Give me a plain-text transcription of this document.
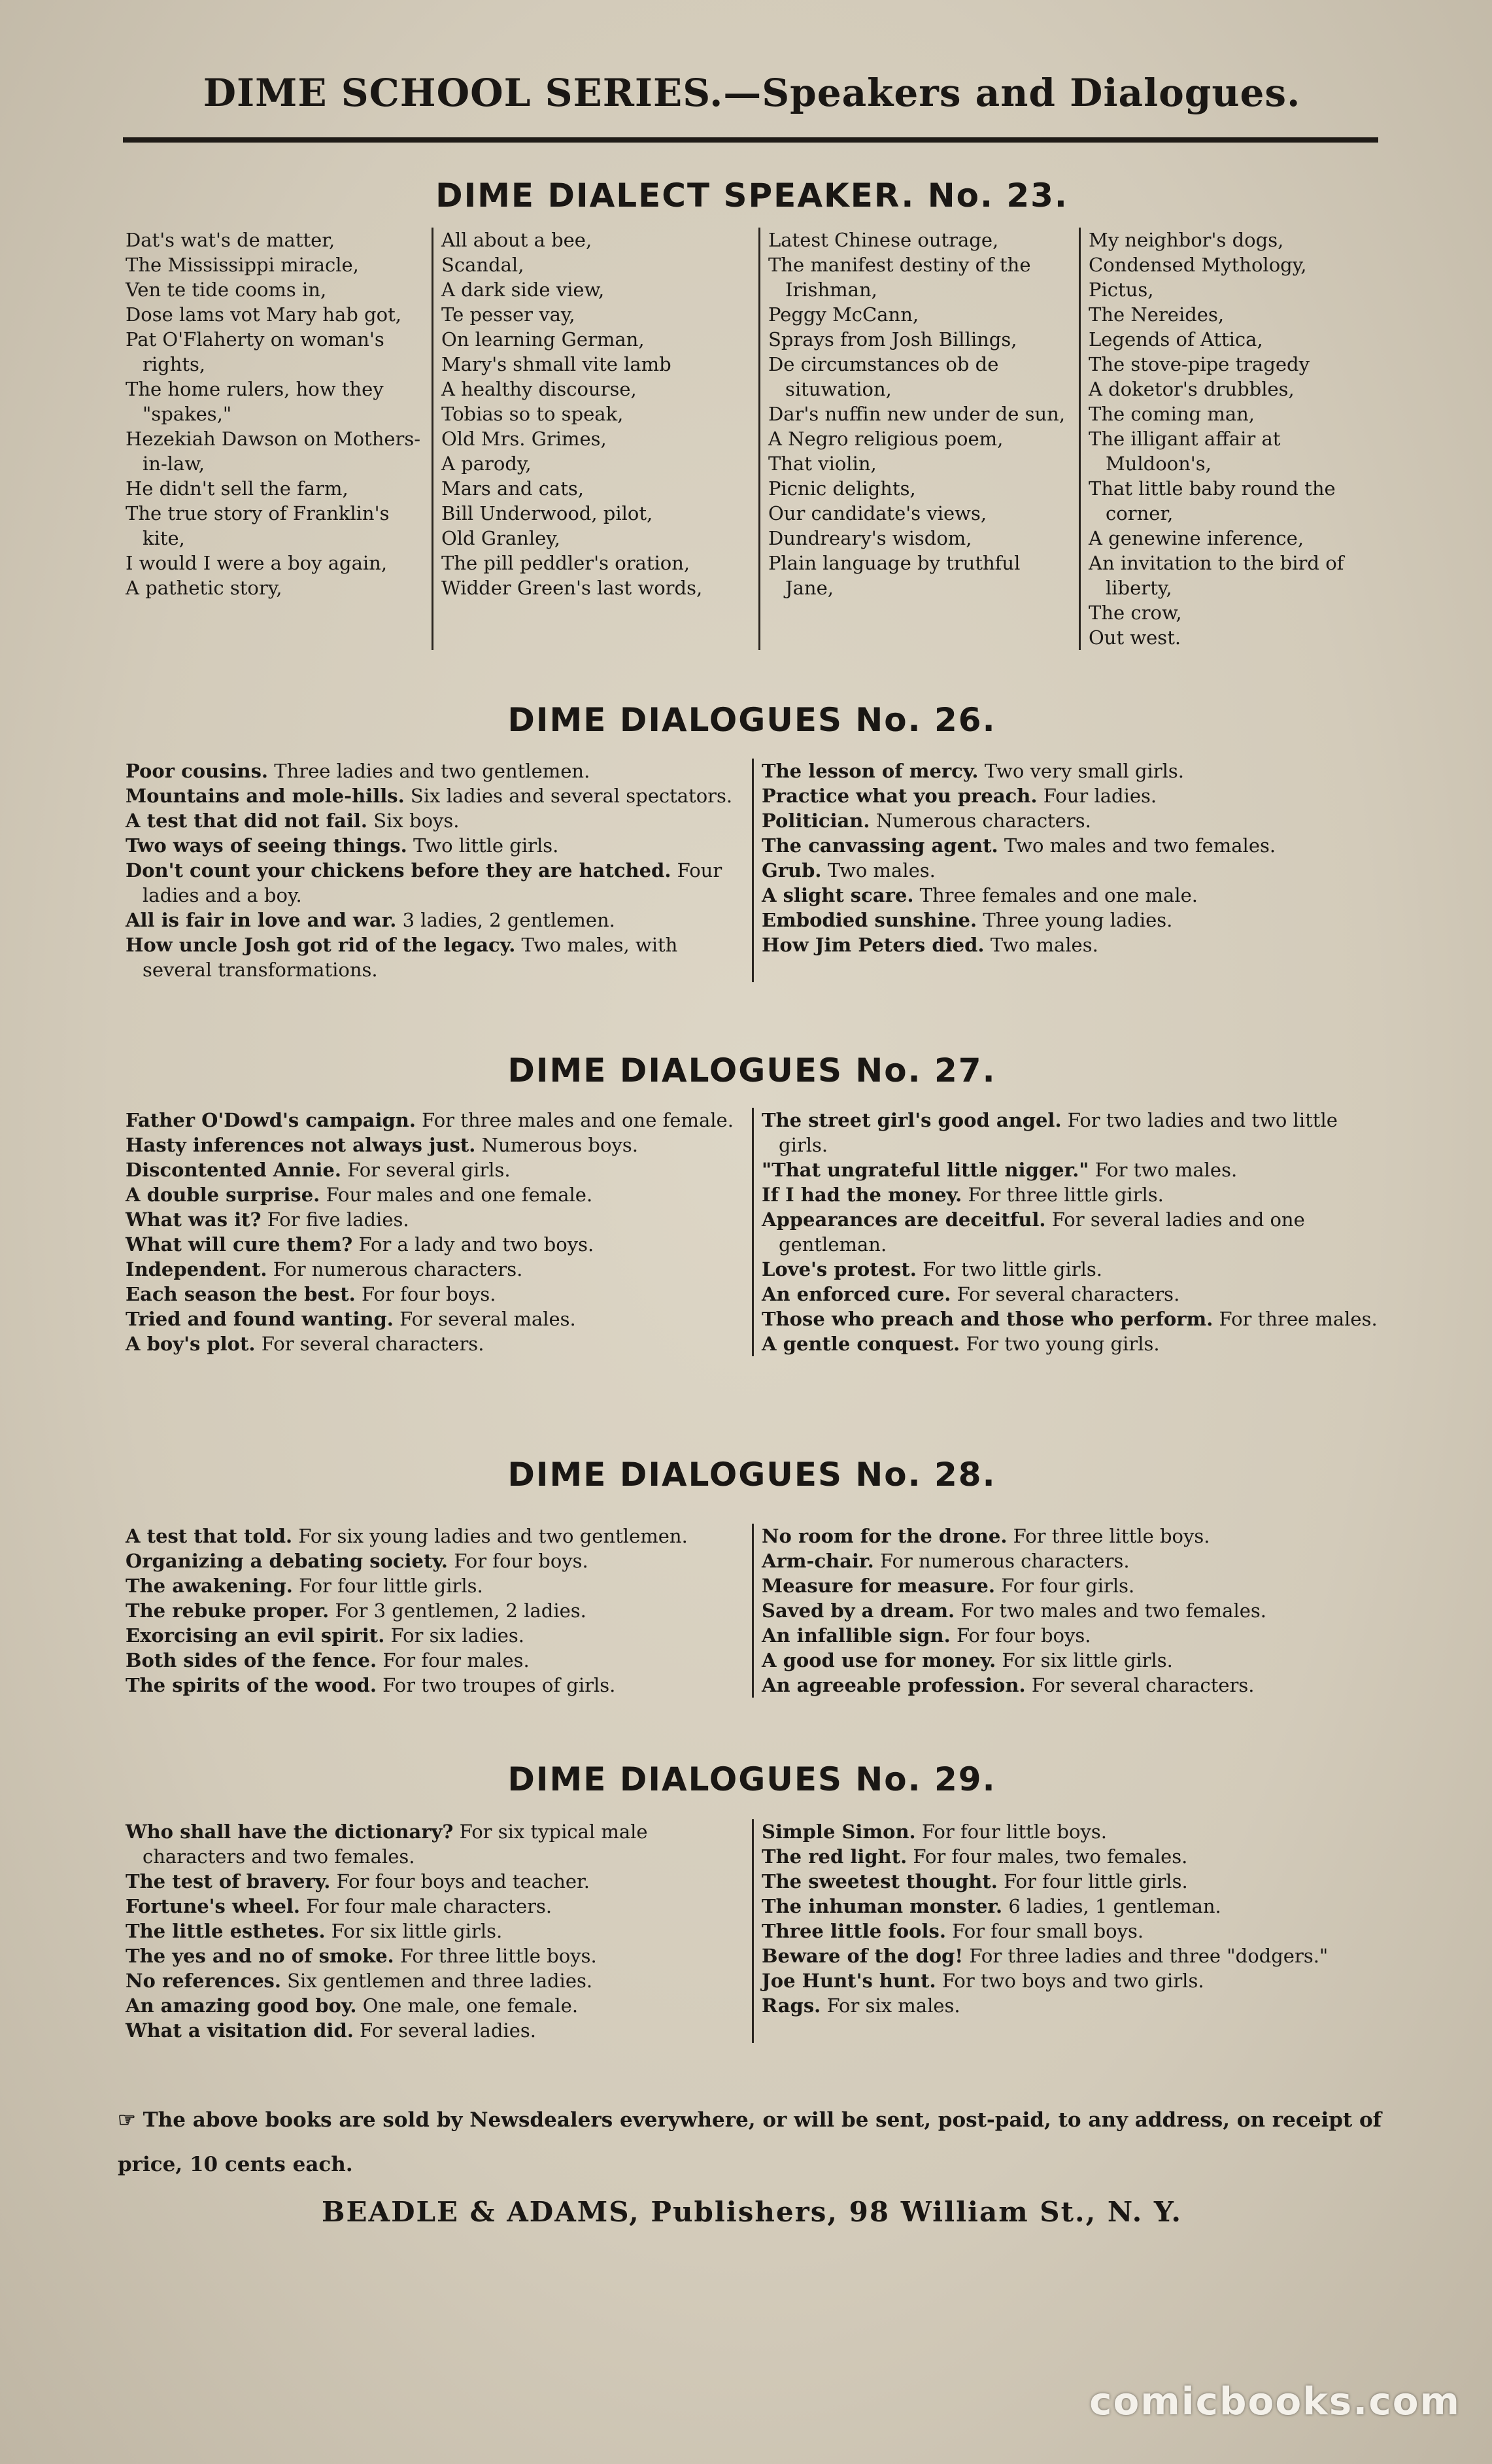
DIME SCHOOL SERIES.—Speakers and Dialogues.
DIME DIALECT SPEAKER. No. 23.
Dat's wat's de matter,
The Mississippi miracle,
Ven te tide cooms in,
Dose lams vot Mary hab got,
Pat O'Flaherty on woman's rights,
The home rulers, how they "spakes,"
Hezekiah Dawson on Mothers-in-law,
He didn't sell the farm,
The true story of Franklin's kite,
I would I were a boy again,
A pathetic story,
All about a bee,
Scandal,
A dark side view,
Te pesser vay,
On learning German,
Mary's shmall vite lamb
A healthy discourse,
Tobias so to speak,
Old Mrs. Grimes,
A parody,
Mars and cats,
Bill Underwood, pilot,
Old Granley,
The pill peddler's oration,
Widder Green's last words,
Latest Chinese outrage,
The manifest destiny of the Irishman,
Peggy McCann,
Sprays from Josh Billings,
De circumstances ob de situwation,
Dar's nuffin new under de sun,
A Negro religious poem,
That violin,
Picnic delights,
Our candidate's views,
Dundreary's wisdom,
Plain language by truthful Jane,
My neighbor's dogs,
Condensed Mythology,
Pictus,
The Nereides,
Legends of Attica,
The stove-pipe tragedy
A doketor's drubbles,
The coming man,
The illigant affair at Muldoon's,
That little baby round the corner,
A genewine inference,
An invitation to the bird of liberty,
The crow,
Out west.
DIME DIALOGUES No. 26.
Poor cousins. Three ladies and two gentlemen.
Mountains and mole-hills. Six ladies and several spectators.
A test that did not fail. Six boys.
Two ways of seeing things. Two little girls.
Don't count your chickens before they are hatched. Four ladies and a boy.
All is fair in love and war. 3 ladies, 2 gentlemen.
How uncle Josh got rid of the legacy. Two males, with several transformations.
The lesson of mercy. Two very small girls.
Practice what you preach. Four ladies.
Politician. Numerous characters.
The canvassing agent. Two males and two females.
Grub. Two males.
A slight scare. Three females and one male.
Embodied sunshine. Three young ladies.
How Jim Peters died. Two males.
DIME DIALOGUES No. 27.
Father O'Dowd's campaign. For three males and one female.
Hasty inferences not always just. Numerous boys.
Discontented Annie. For several girls.
A double surprise. Four males and one female.
What was it? For five ladies.
What will cure them? For a lady and two boys.
Independent. For numerous characters.
Each season the best. For four boys.
Tried and found wanting. For several males.
A boy's plot. For several characters.
The street girl's good angel. For two ladies and two little girls.
"That ungrateful little nigger." For two males.
If I had the money. For three little girls.
Appearances are deceitful. For several ladies and one gentleman.
Love's protest. For two little girls.
An enforced cure. For several characters.
Those who preach and those who perform. For three males.
A gentle conquest. For two young girls.
DIME DIALOGUES No. 28.
A test that told. For six young ladies and two gentlemen.
Organizing a debating society. For four boys.
The awakening. For four little girls.
The rebuke proper. For 3 gentlemen, 2 ladies.
Exorcising an evil spirit. For six ladies.
Both sides of the fence. For four males.
The spirits of the wood. For two troupes of girls.
No room for the drone. For three little boys.
Arm-chair. For numerous characters.
Measure for measure. For four girls.
Saved by a dream. For two males and two females.
An infallible sign. For four boys.
A good use for money. For six little girls.
An agreeable profession. For several characters.
DIME DIALOGUES No. 29.
Who shall have the dictionary? For six typical male characters and two females.
The test of bravery. For four boys and teacher.
Fortune's wheel. For four male characters.
The little esthetes. For six little girls.
The yes and no of smoke. For three little boys.
No references. Six gentlemen and three ladies.
An amazing good boy. One male, one female.
What a visitation did. For several ladies.
Simple Simon. For four little boys.
The red light. For four males, two females.
The sweetest thought. For four little girls.
The inhuman monster. 6 ladies, 1 gentleman.
Three little fools. For four small boys.
Beware of the dog! For three ladies and three "dodgers."
Joe Hunt's hunt. For two boys and two girls.
Rags. For six males.
☞ The above books are sold by Newsdealers everywhere, or will be sent, post-paid, to any address, on receipt of price, 10 cents each.
BEADLE & ADAMS, Publishers, 98 William St., N. Y.
comicbooks.com
